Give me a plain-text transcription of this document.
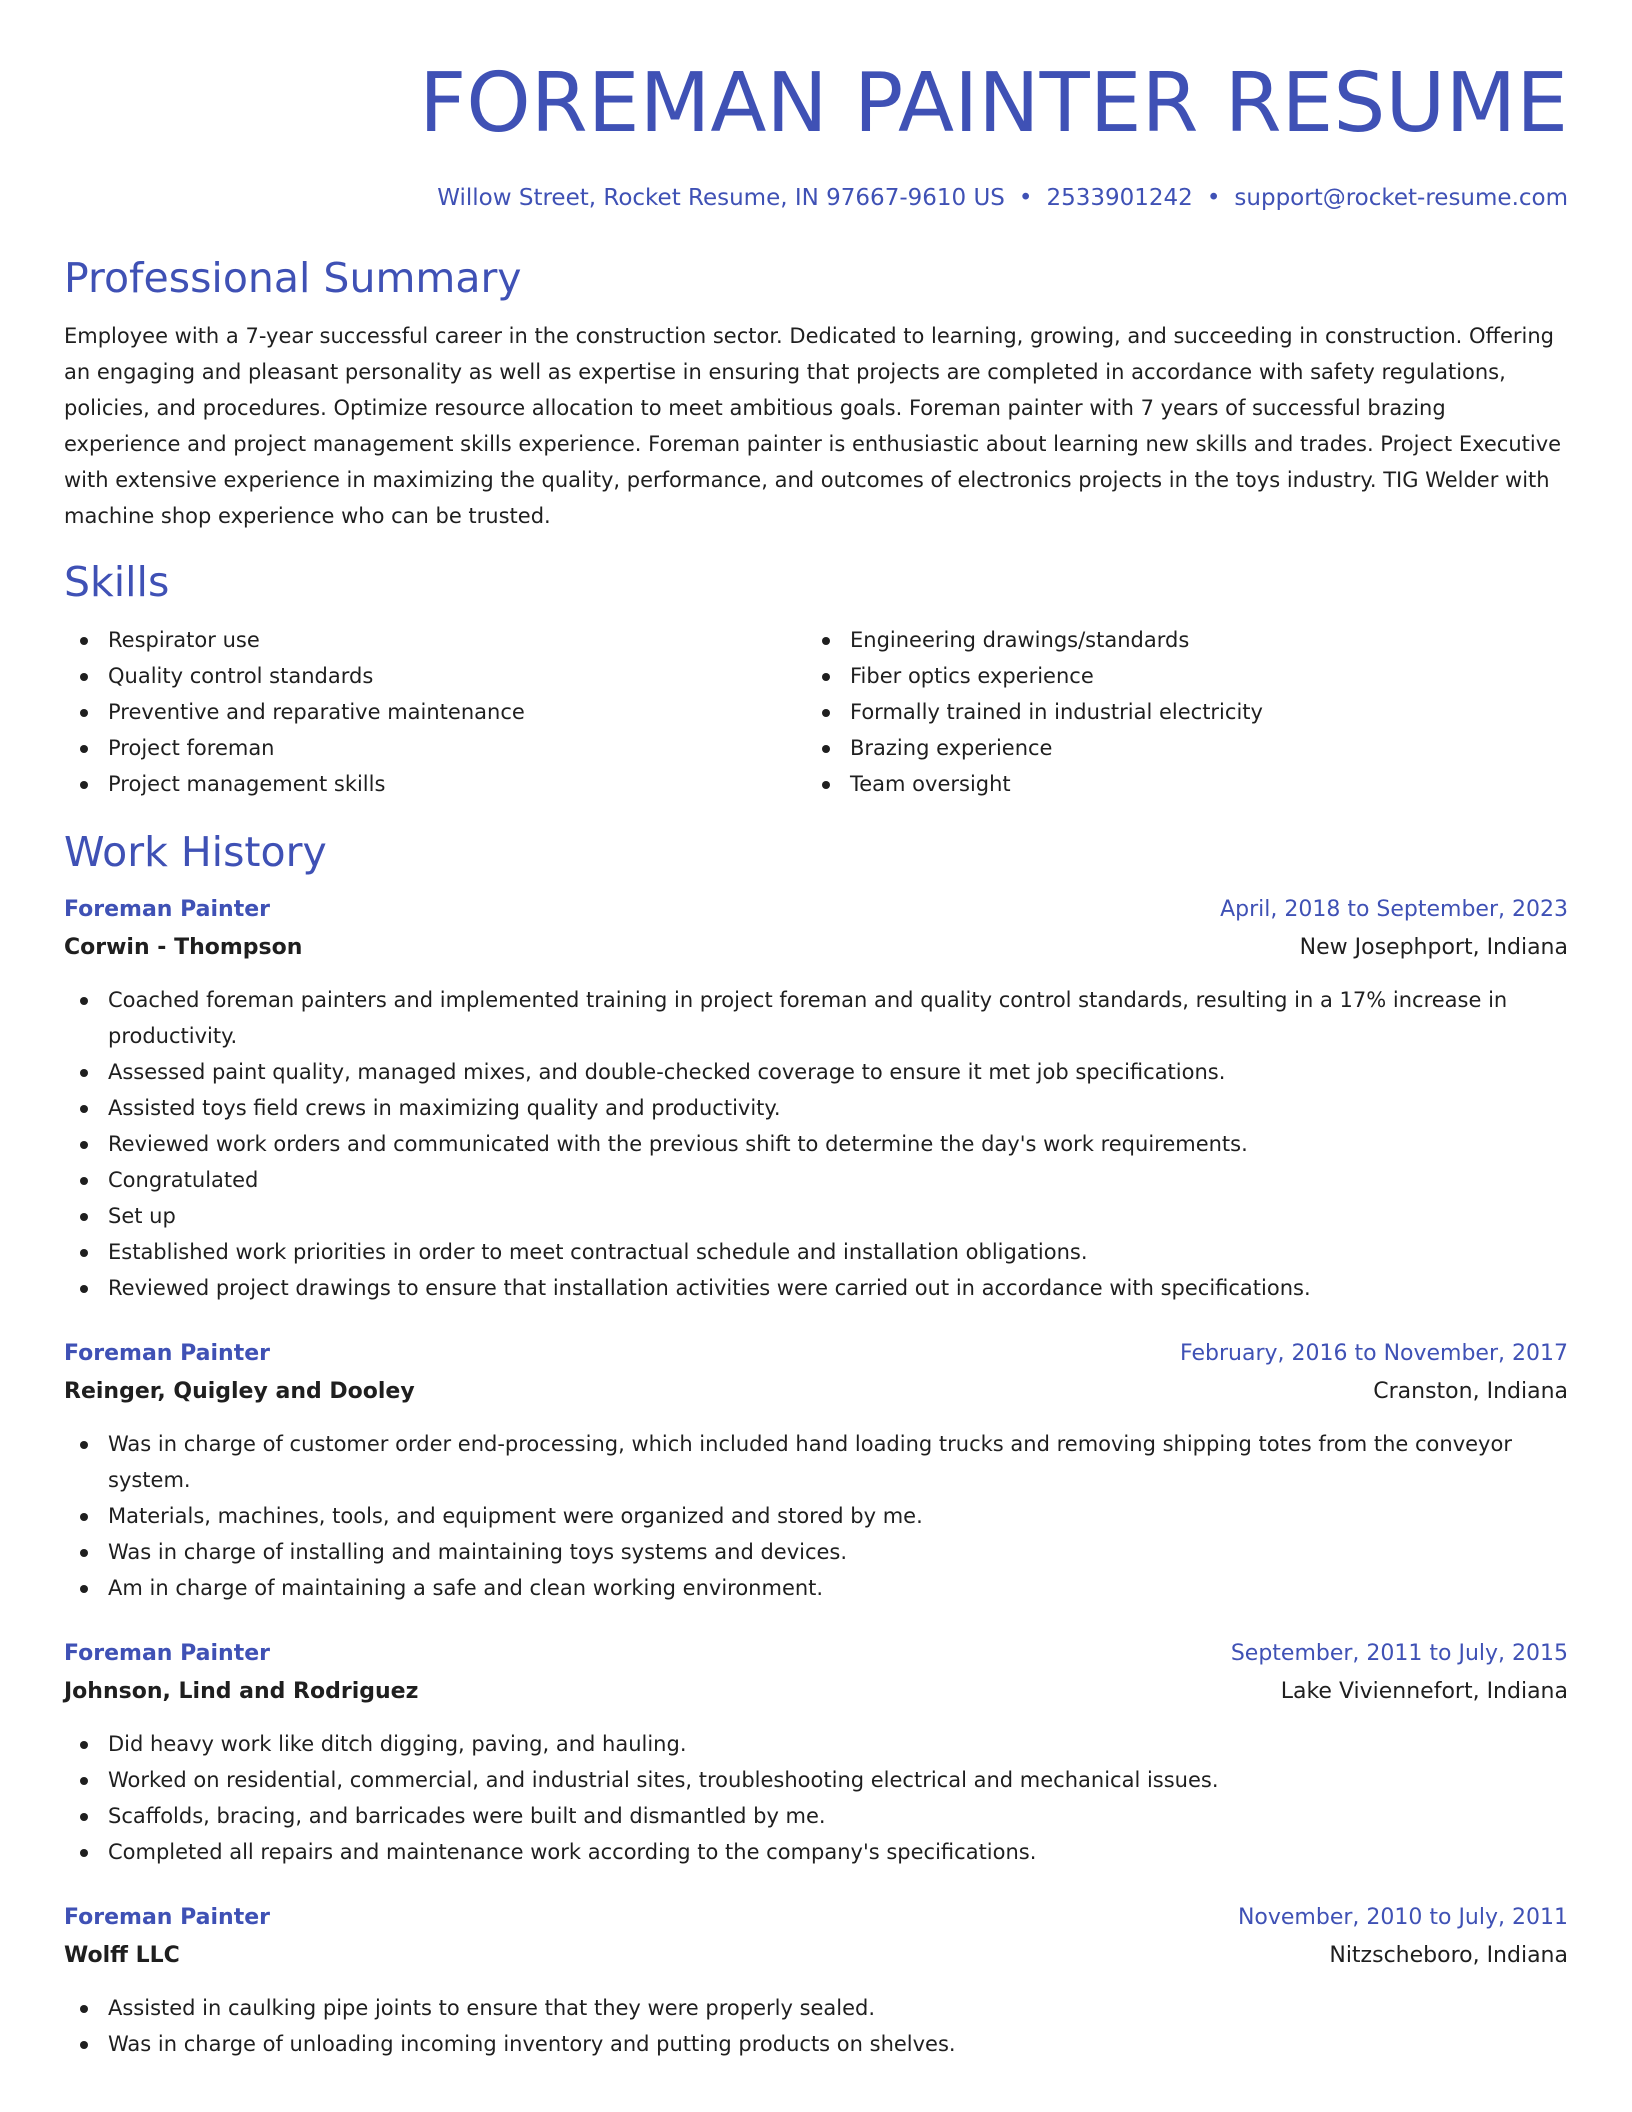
FOREMAN PAINTER RESUME
Willow Street, Rocket Resume, IN 97667-9610 US • 2533901242 • support@rocket-resume.com
Professional Summary
Employee with a 7-year successful career in the construction sector. Dedicated to learning, growing, and succeeding in construction. Offering an engaging and pleasant personality as well as expertise in ensuring that projects are completed in accordance with safety regulations, policies, and procedures. Optimize resource allocation to meet ambitious goals. Foreman painter with 7 years of successful brazing experience and project management skills experience. Foreman painter is enthusiastic about learning new skills and trades. Project Executive with extensive experience in maximizing the quality, performance, and outcomes of electronics projects in the toys industry. TIG Welder with machine shop experience who can be trusted.
Skills
Respirator use
Quality control standards
Preventive and reparative maintenance
Project foreman
Project management skills
Engineering drawings/standards
Fiber optics experience
Formally trained in industrial electricity
Brazing experience
Team oversight
Work History
Foreman Painter	April, 2018 to September, 2023
Corwin - Thompson	New Josephport, Indiana
Coached foreman painters and implemented training in project foreman and quality control standards, resulting in a 17% increase in productivity.
Assessed paint quality, managed mixes, and double-checked coverage to ensure it met job specifications.
Assisted toys field crews in maximizing quality and productivity.
Reviewed work orders and communicated with the previous shift to determine the day's work requirements.
Congratulated
Set up
Established work priorities in order to meet contractual schedule and installation obligations.
Reviewed project drawings to ensure that installation activities were carried out in accordance with specifications.
Foreman Painter	February, 2016 to November, 2017
Reinger, Quigley and Dooley	Cranston, Indiana
Was in charge of customer order end-processing, which included hand loading trucks and removing shipping totes from the conveyor system.
Materials, machines, tools, and equipment were organized and stored by me.
Was in charge of installing and maintaining toys systems and devices.
Am in charge of maintaining a safe and clean working environment.
Foreman Painter	September, 2011 to July, 2015
Johnson, Lind and Rodriguez	Lake Viviennefort, Indiana
Did heavy work like ditch digging, paving, and hauling.
Worked on residential, commercial, and industrial sites, troubleshooting electrical and mechanical issues.
Scaffolds, bracing, and barricades were built and dismantled by me.
Completed all repairs and maintenance work according to the company's specifications.
Foreman Painter	November, 2010 to July, 2011
Wolff LLC	Nitzscheboro, Indiana
Assisted in caulking pipe joints to ensure that they were properly sealed.
Was in charge of unloading incoming inventory and putting products on shelves.
